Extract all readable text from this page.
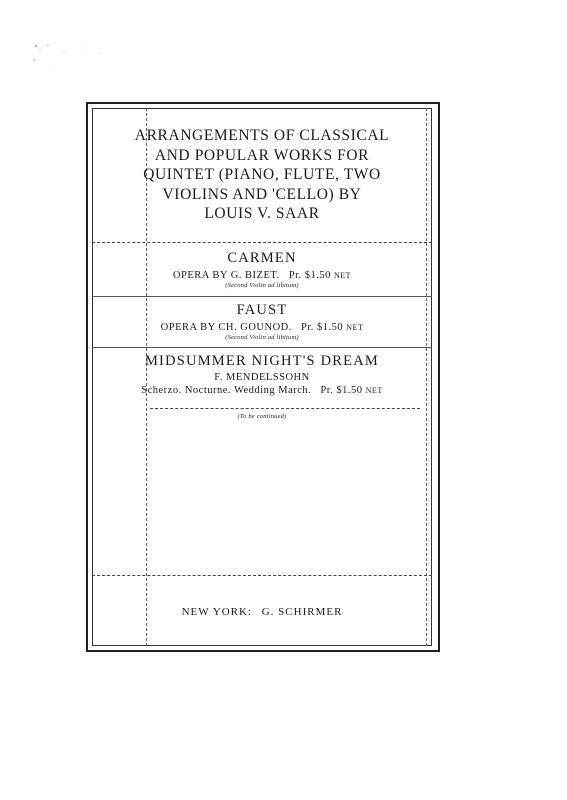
ARRANGEMENTS OF CLASSICAL
AND POPULAR WORKS FOR
QUINTET (PIANO, FLUTE, TWO
VIOLINS AND 'CELLO) BY
LOUIS V. SAAR
CARMEN
OPERA BY G. BIZET. Pr. $1.50 NET
(Second Violin ad libitum)
FAUST
OPERA BY CH. GOUNOD. Pr. $1.50 NET
(Second Violin ad libitum)
MIDSUMMER NIGHT'S DREAM
F. MENDELSSOHN
Scherzo. Nocturne. Wedding March. Pr. $1.50 NET
(To be continued)
NEW YORK: G. SCHIRMER
